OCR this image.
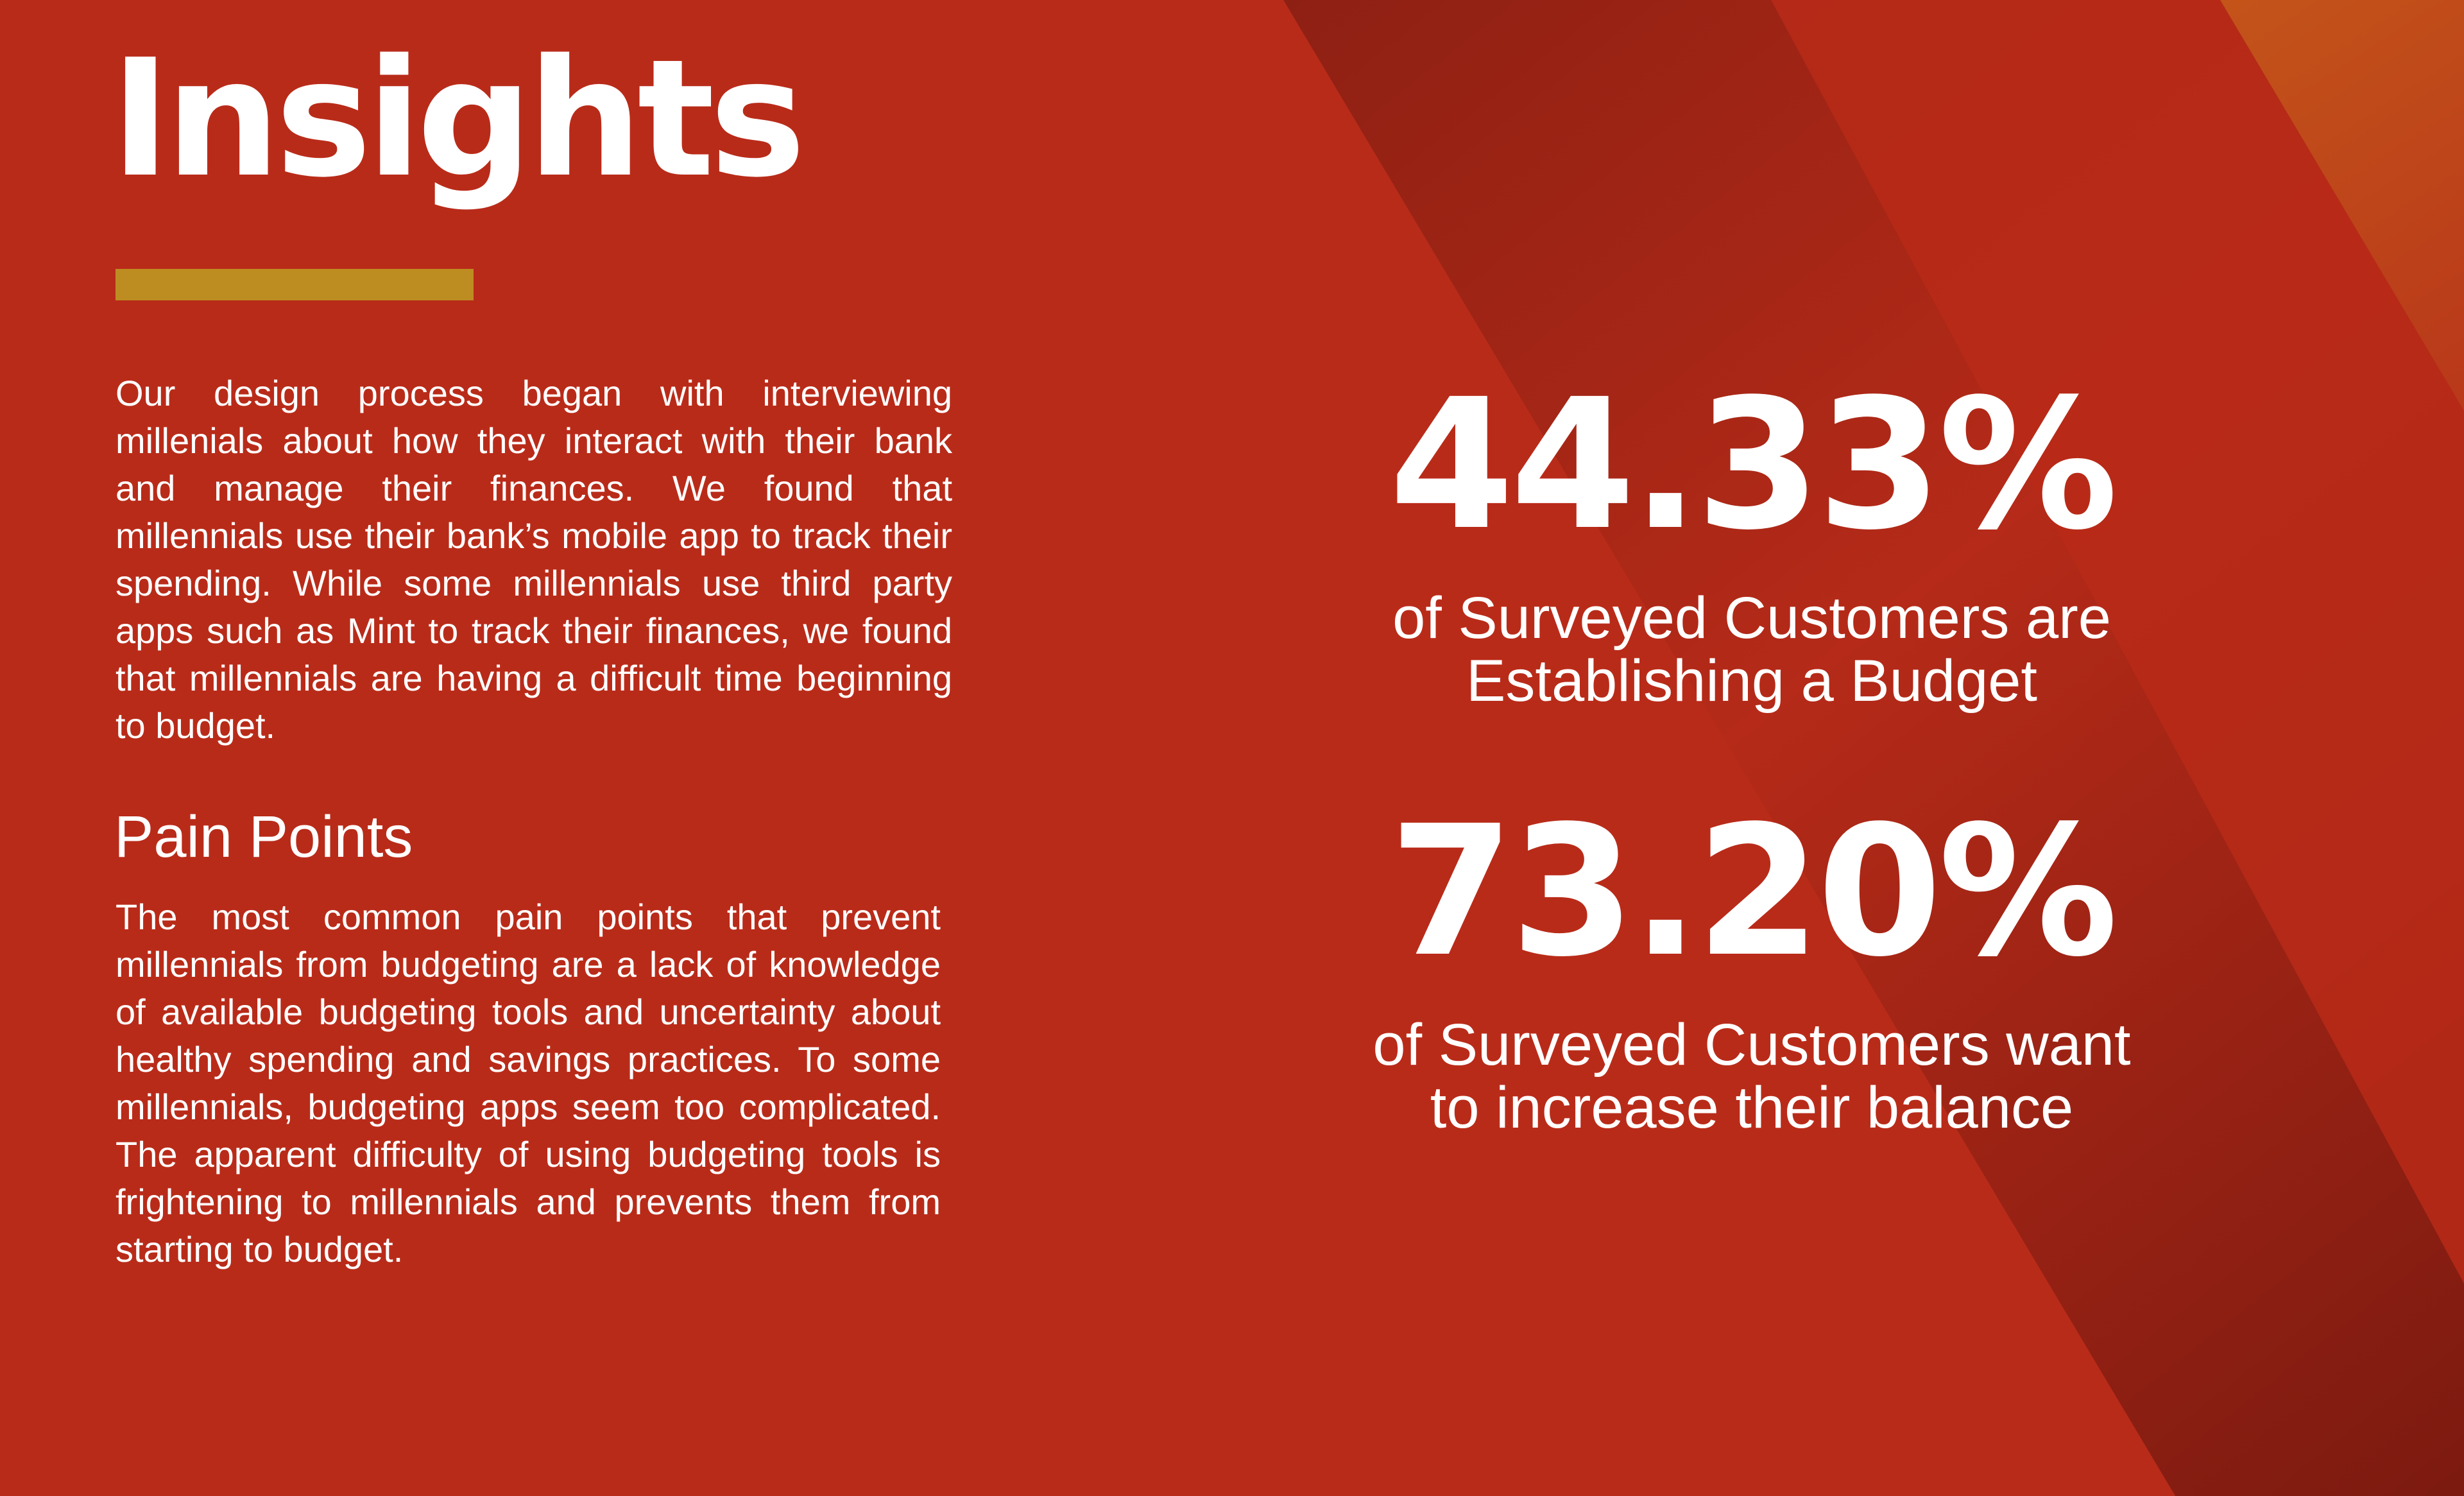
Insights

Our design process began with interviewing millenials about how they interact with their bank and manage their finances. We found that millennials use their bank’s mobile app to track their spending. While some millennials use third party apps such as Mint to track their finances, we found that millennials are having a difficult time beginning to budget.

Pain Points

The most common pain points that prevent millennials from budgeting are a lack of knowledge of available budgeting tools and uncertainty about healthy spending and savings practices. To some millennials, budgeting apps seem too complicated. The apparent difficulty of using budgeting tools is frightening to millennials and prevents them from starting to budget.

44.33%
of Surveyed Customers are
Establishing a Budget
73.20%
of Surveyed Customers want
to increase their balance
